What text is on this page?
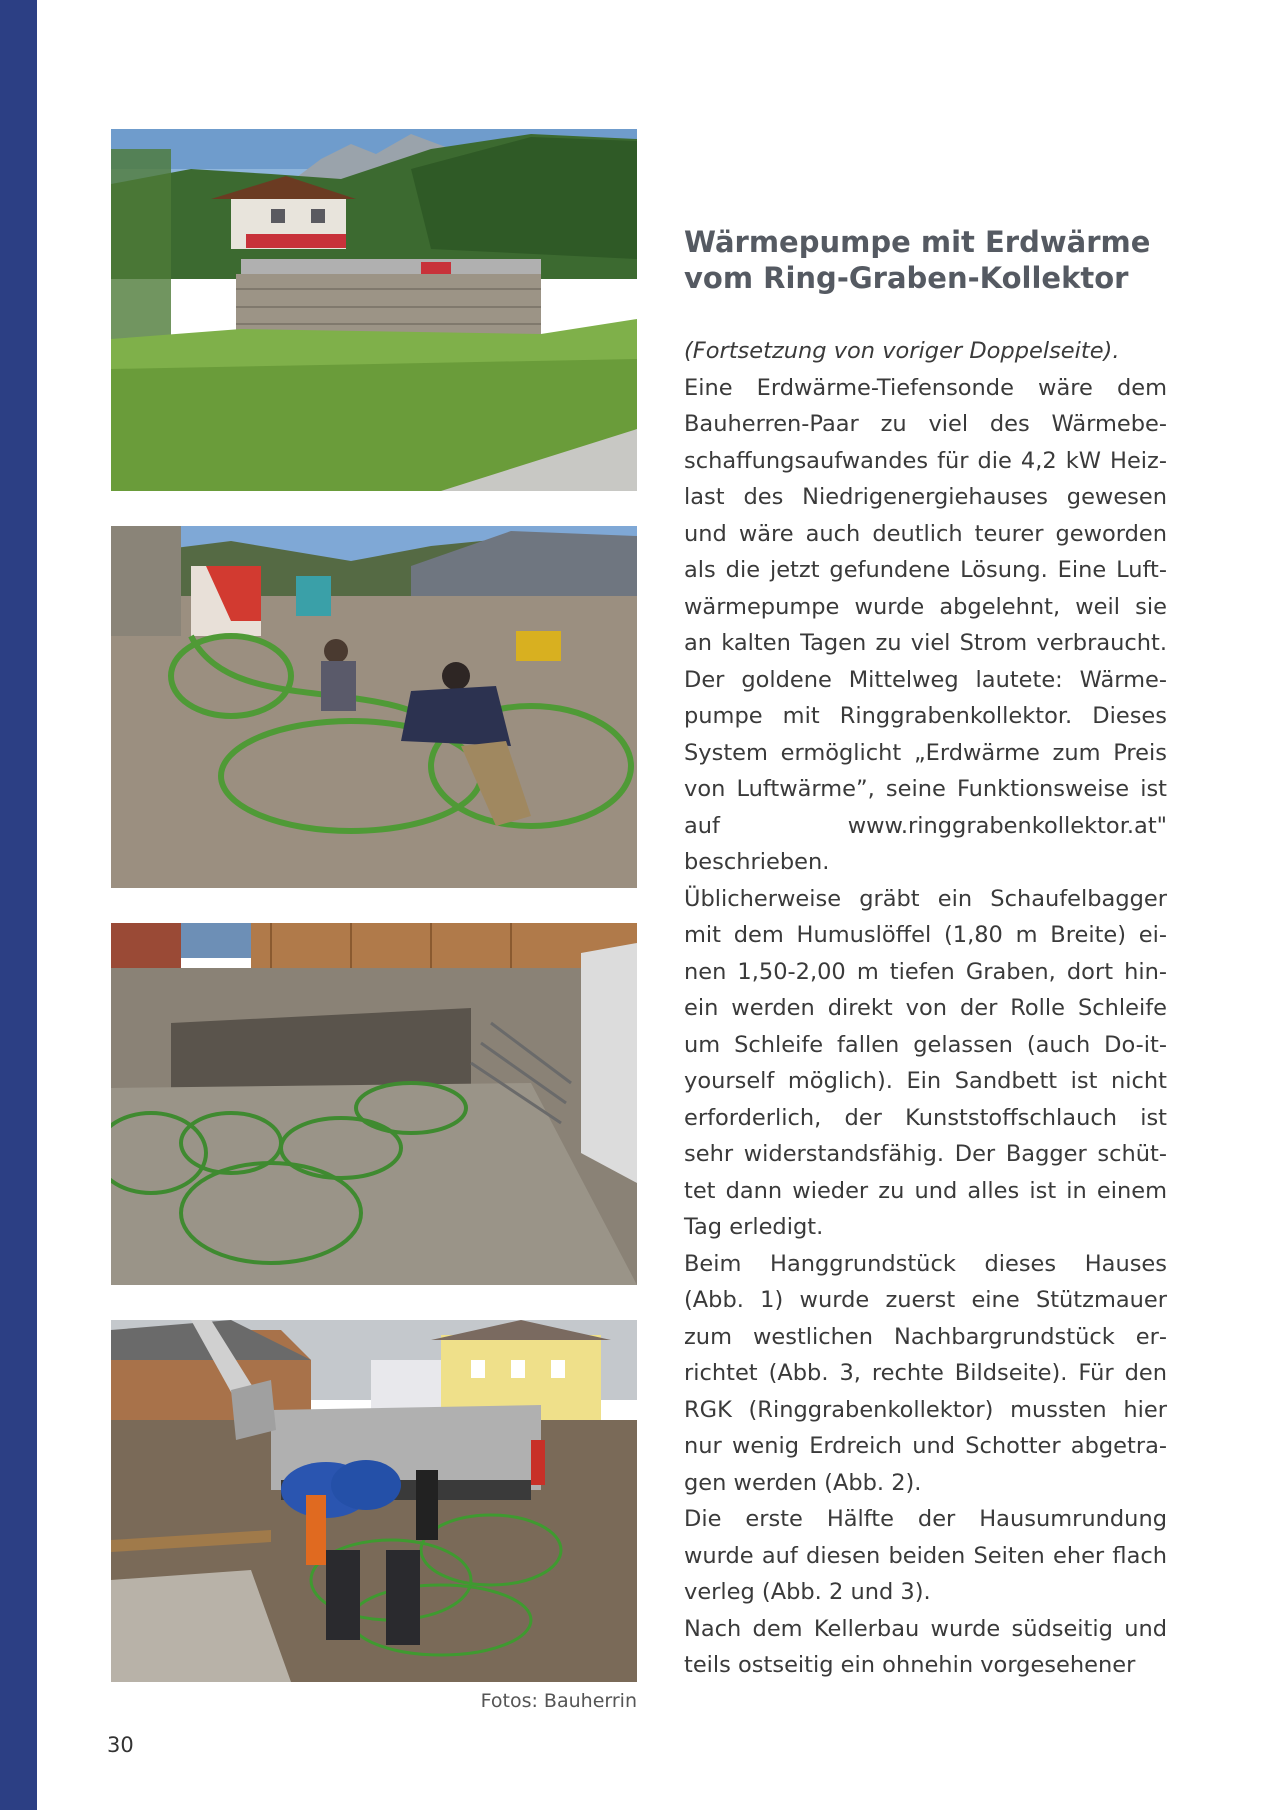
Fotos: Bauherrin
30
Wärmepumpe mit Erdwärme
vom Ring-Graben-Kollektor

(Fortsetzung von voriger Doppelseite).

Eine Erdwärme-Tiefensonde wäre dem Bauherren-Paar zu viel des Wärmebeschaffungsaufwandes für die 4,2 kW Heizlast des Niedrigenergiehauses gewesen und wäre auch deutlich teurer geworden als die jetzt gefundene Lösung. Eine Luftwärmepumpe wurde abgelehnt, weil sie an kalten Tagen zu viel Strom verbraucht. Der goldene Mittelweg lautete: Wärmepumpe mit Ringgrabenkollektor. Dieses System ermöglicht „Erdwärme zum Preis von Luftwärme”, seine Funktionsweise ist auf www.ringgrabenkollektor.at" beschrieben.

Üblicherweise gräbt ein Schaufelbagger mit dem Humuslöffel (1,80 m Breite) einen 1,50-2,00 m tiefen Graben, dort hinein werden direkt von der Rolle Schleife um Schleife fallen gelassen (auch Do-it-yourself möglich). Ein Sandbett ist nicht erforderlich, der Kunststoffschlauch ist sehr widerstandsfähig. Der Bagger schüttet dann wieder zu und alles ist in einem Tag erledigt.

Beim Hanggrundstück dieses Hauses (Abb. 1) wurde zuerst eine Stützmauer zum westlichen Nachbargrundstück errichtet (Abb. 3, rechte Bildseite). Für den RGK (Ringgrabenkollektor) mussten hier nur wenig Erdreich und Schotter abgetragen werden (Abb. 2).

Die erste Hälfte der Hausumrundung wurde auf diesen beiden Seiten eher flach verleg (Abb. 2 und 3).

Nach dem Kellerbau wurde südseitig und teils ostseitig ein ohnehin vorgesehener
